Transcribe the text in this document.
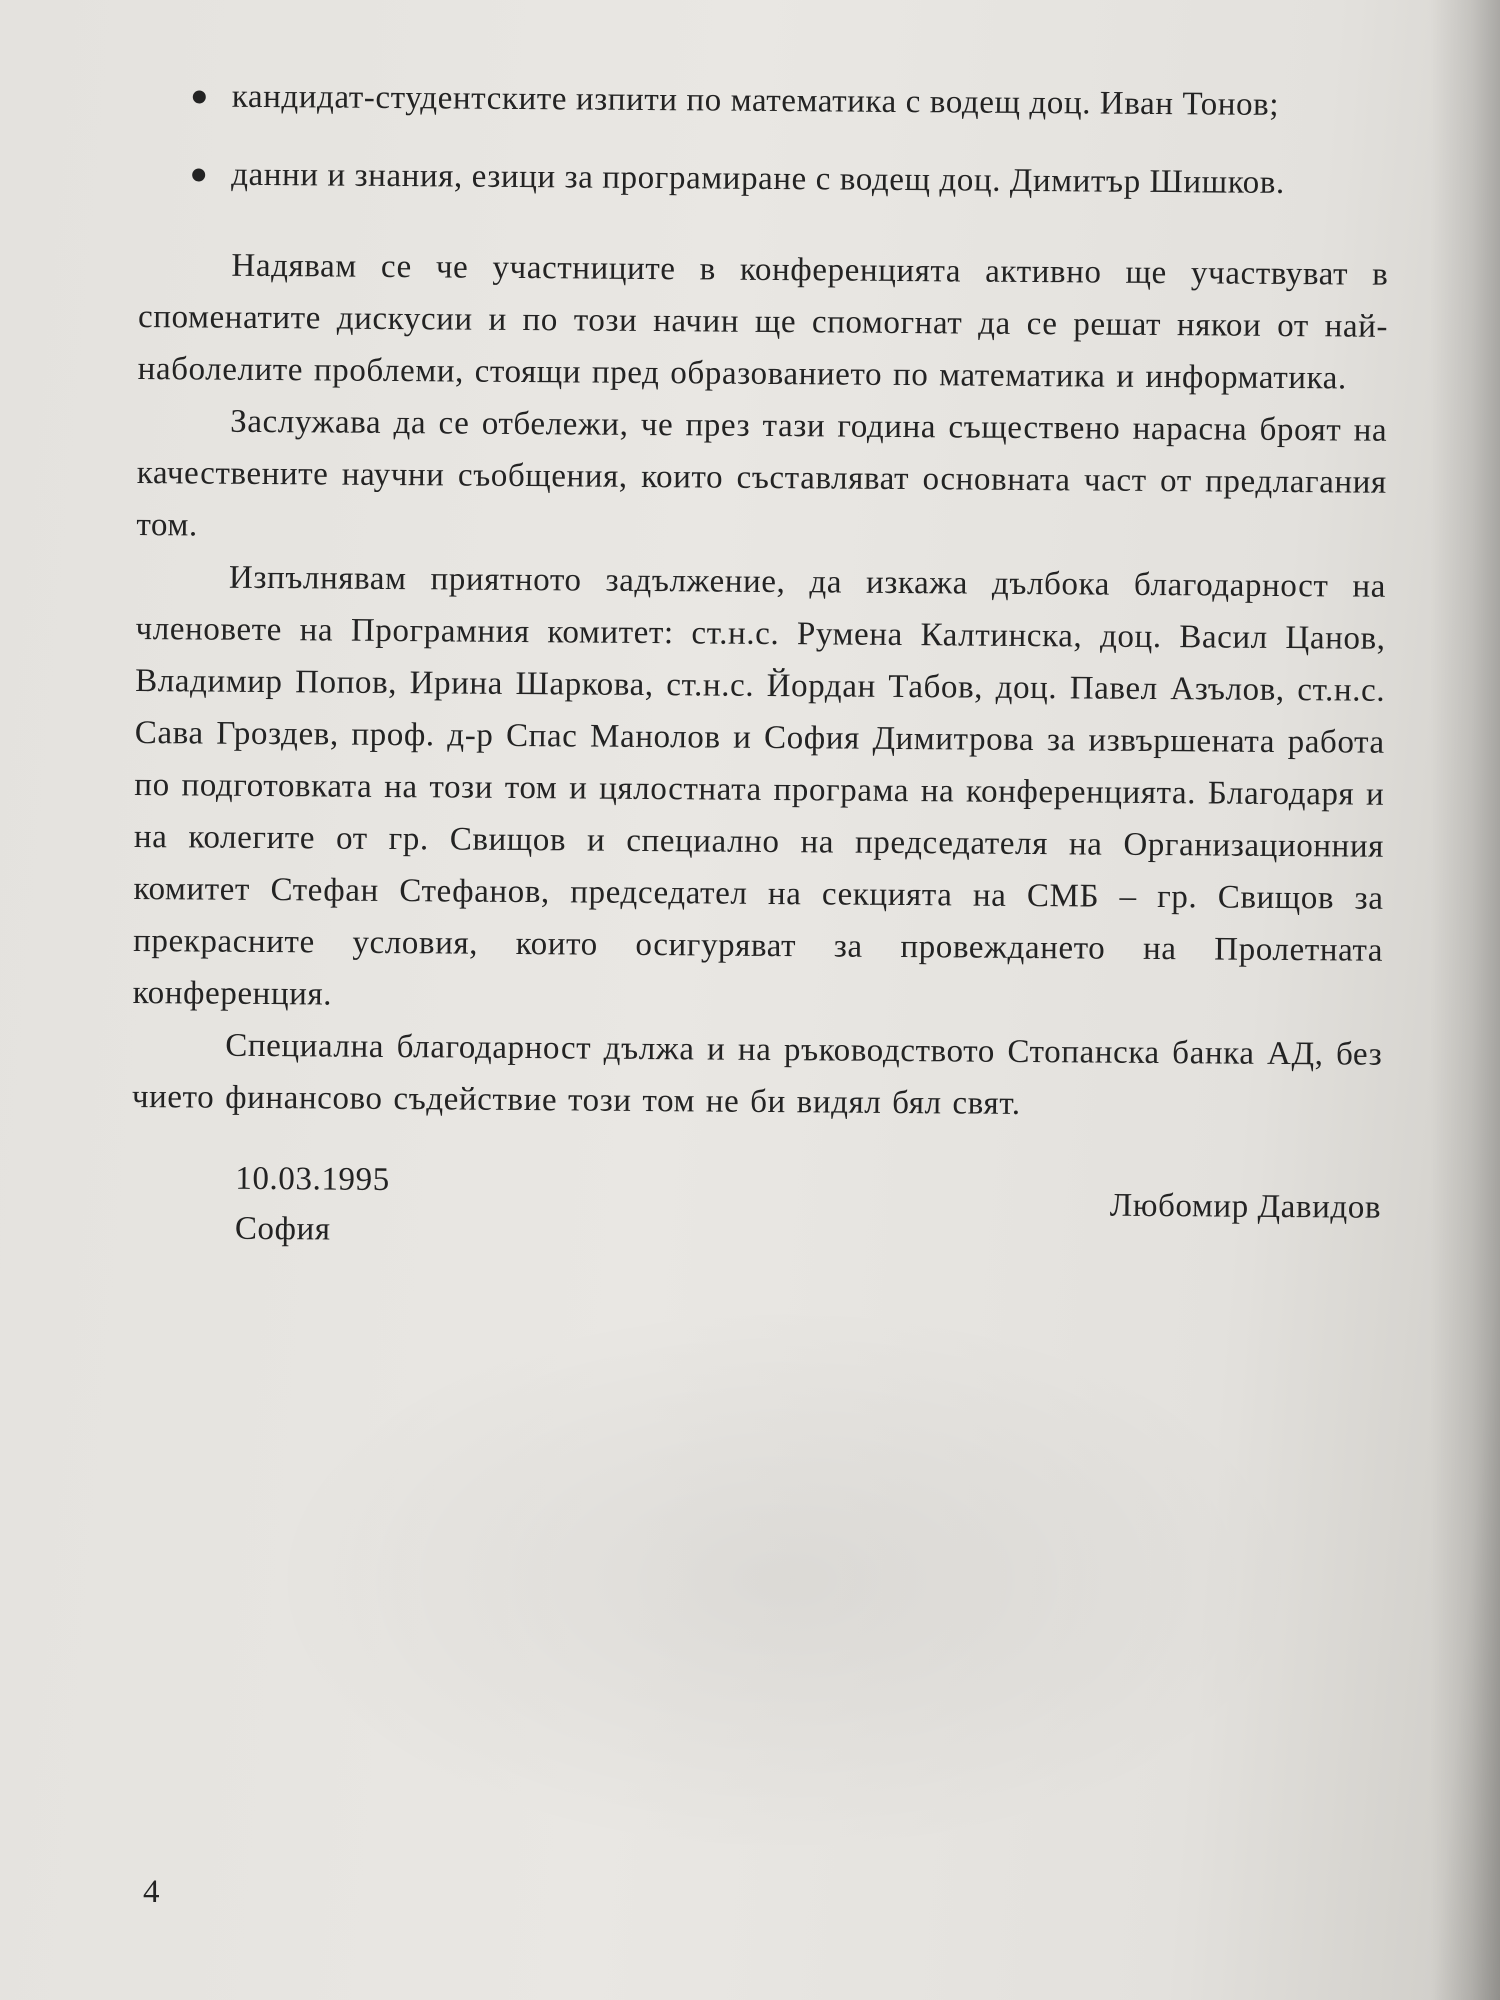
кандидат-студентските изпити по математика с водещ доц. Иван Тонов;
данни и знания, езици за програмиране с водещ доц. Димитър Шишков.

Надявам се че участниците в конференцията активно ще участвуват в споменатите дискусии и по този начин ще спомогнат да се решат някои от най-наболелите проблеми, стоящи пред образованието по математика и информатика.

Заслужава да се отбележи, че през тази година съществено нарасна броят на качествените научни съобщения, които съставляват основната част от предлагания том.

Изпълнявам приятното задължение, да изкажа дълбока благодарност на членовете на Програмния комитет: ст.н.с. Румена Калтинска, доц. Васил Цанов, Владимир Попов, Ирина Шаркова, ст.н.с. Йордан Табов, доц. Павел Азълов, ст.н.с. Сава Гроздев, проф. д-р Спас Манолов и София Димитрова за извършената работа по подготовката на този том и цялостната програма на конференцията. Благодаря и на колегите от гр. Свищов и специално на председателя на Организационния комитет Стефан Стефанов, председател на секцията на СМБ – гр. Свищов за прекрасните условия, които осигуряват за провеждането на Пролетната конференция.

Специална благодарност дължа и на ръководството Стопанска банка АД, без чието финансово съдействие този том не би видял бял свят.

10.03.1995
София
Любомир Давидов
4
